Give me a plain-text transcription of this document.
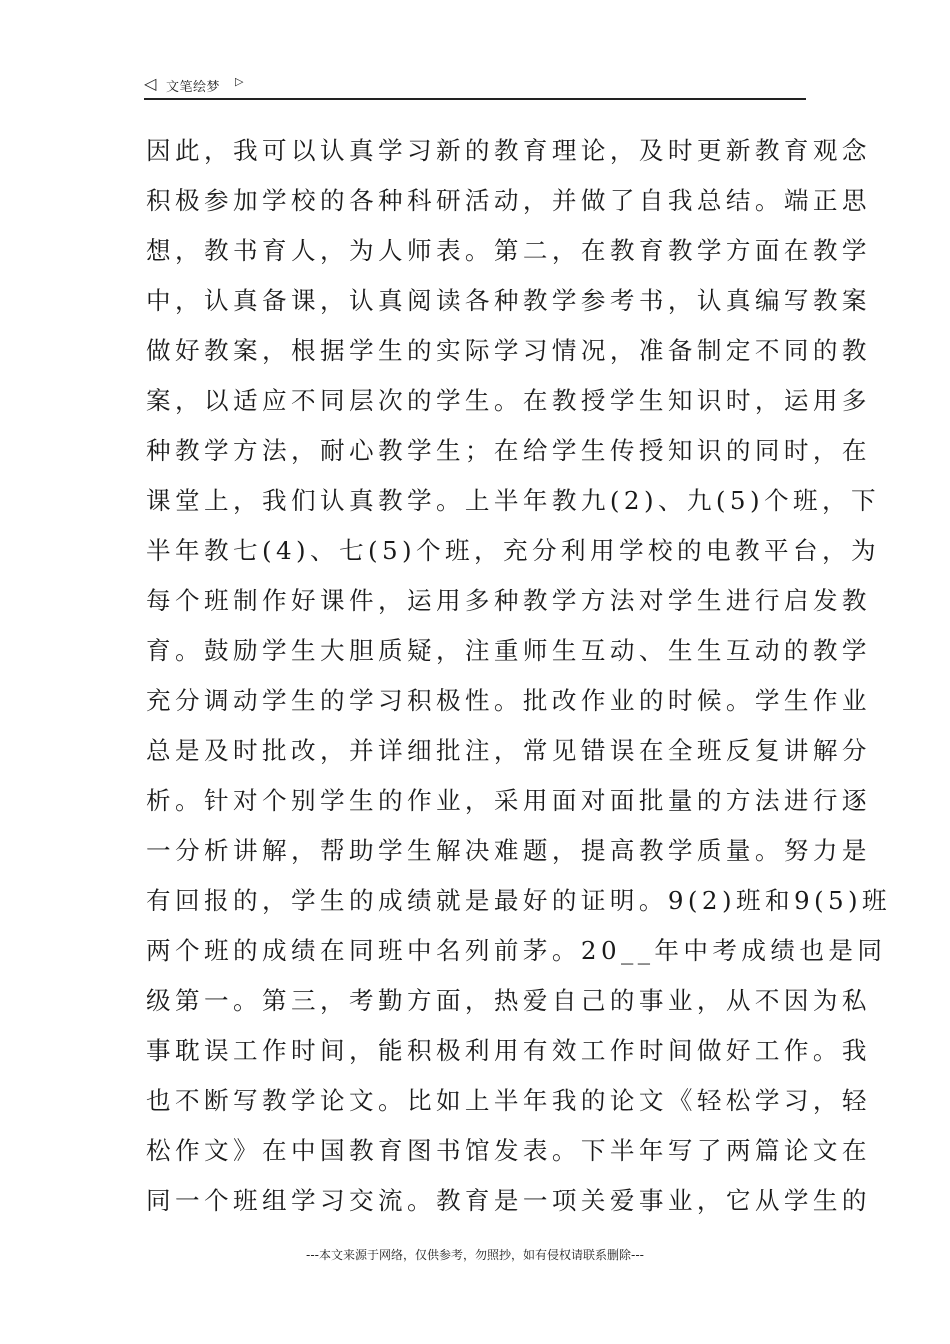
◁ 文笔绘梦 ▷
因此，我可以认真学习新的教育理论，及时更新教育观念
积极参加学校的各种科研活动，并做了自我总结。端正思
想，教书育人，为人师表。第二，在教育教学方面在教学
中，认真备课，认真阅读各种教学参考书，认真编写教案
做好教案，根据学生的实际学习情况，准备制定不同的教
案，以适应不同层次的学生。在教授学生知识时，运用多
种教学方法，耐心教学生；在给学生传授知识的同时，在
课堂上，我们认真教学。上半年教九(2)、九(5)个班，下
半年教七(4)、七(5)个班，充分利用学校的电教平台，为
每个班制作好课件，运用多种教学方法对学生进行启发教
育。鼓励学生大胆质疑，注重师生互动、生生互动的教学
充分调动学生的学习积极性。批改作业的时候。学生作业
总是及时批改，并详细批注，常见错误在全班反复讲解分
析。针对个别学生的作业，采用面对面批量的方法进行逐
一分析讲解，帮助学生解决难题，提高教学质量。努力是
有回报的，学生的成绩就是最好的证明。9(2)班和9(5)班
两个班的成绩在同班中名列前茅。20__年中考成绩也是同
级第一。第三，考勤方面，热爱自己的事业，从不因为私
事耽误工作时间，能积极利用有效工作时间做好工作。我
也不断写教学论文。比如上半年我的论文《轻松学习，轻
松作文》在中国教育图书馆发表。下半年写了两篇论文在
同一个班组学习交流。教育是一项关爱事业，它从学生的
---本文来源于网络，仅供参考，勿照抄，如有侵权请联系删除---
